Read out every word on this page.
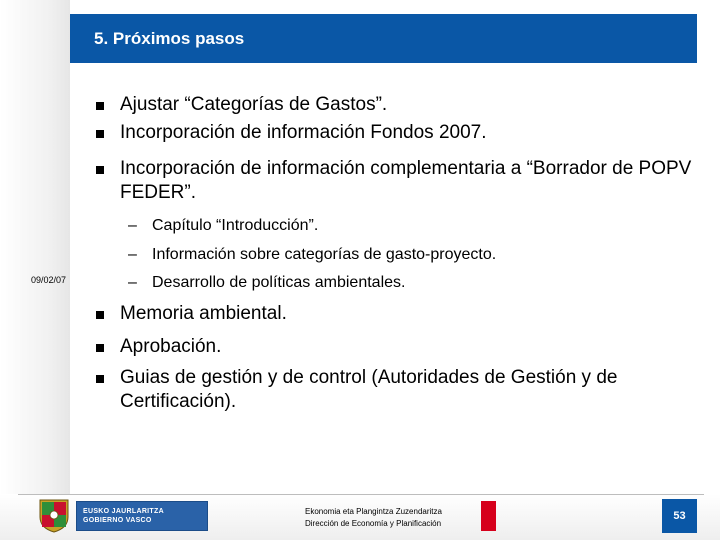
5. Próximos pasos
09/02/07
Ajustar “Categorías de Gastos”.
Incorporación de información Fondos 2007.
Incorporación de información complementaria a “Borrador de POPV FEDER”.
– Capítulo “Introducción”.
– Información sobre categorías de gasto-proyecto.
– Desarrollo de políticas ambientales.
Memoria ambiental.
Aprobación.
Guias de gestión y de control (Autoridades de Gestión y de Certificación).
EUSKO JAURLARITZA
GOBIERNO VASCO
Ekonomia eta Plangintza Zuzendaritza
Dirección de Economía y Planificación
53
